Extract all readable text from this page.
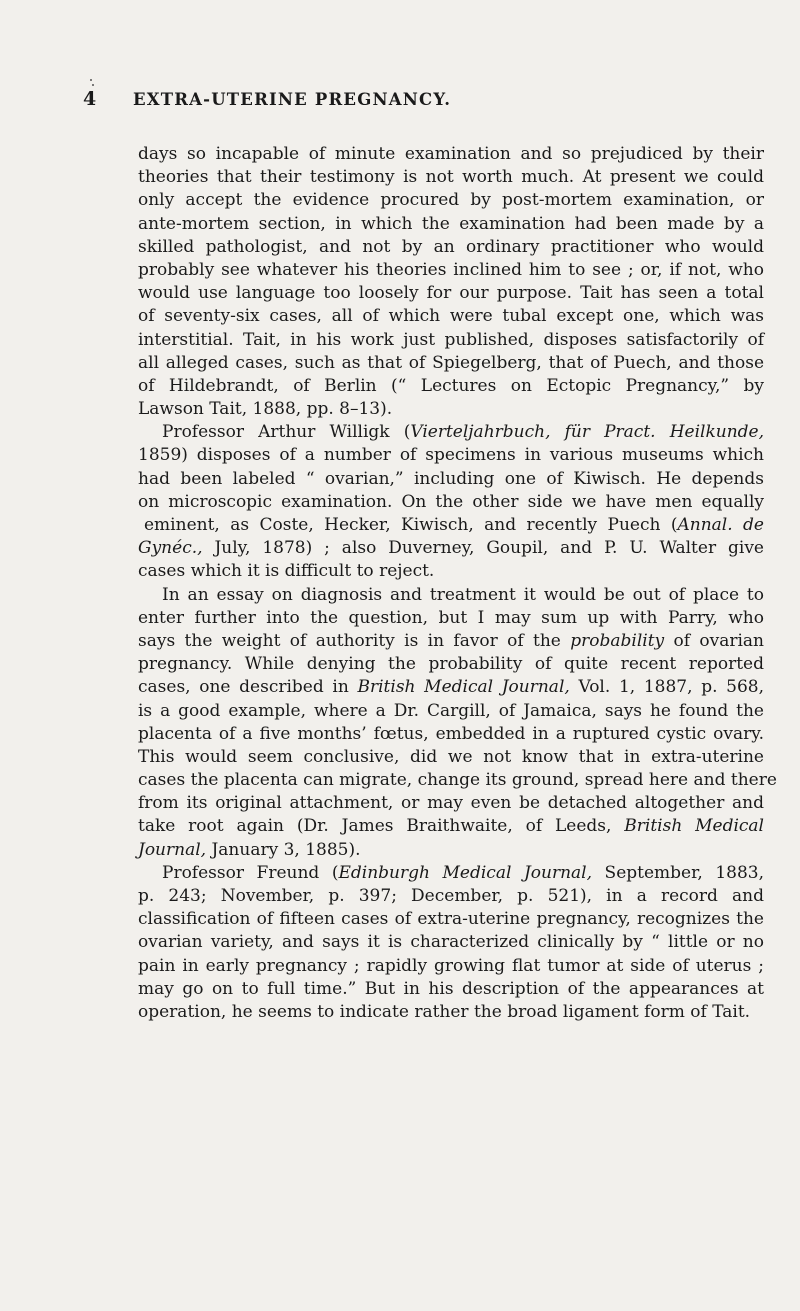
4 EXTRA-UTERINE PREGNANCY.
days so incapable of minute examination and so prejudiced by their
theories that their testimony is not worth much. At present we could
only accept the evidence procured by post-mortem examination, or
ante-mortem section, in which the examination had been made by a
skilled pathologist, and not by an ordinary practitioner who would
probably see whatever his theories inclined him to see ; or, if not, who
would use language too loosely for our purpose. Tait has seen a total
of seventy-six cases, all of which were tubal except one, which was
interstitial. Tait, in his work just published, disposes satisfactorily of
all alleged cases, such as that of Spiegelberg, that of Puech, and those
of Hildebrandt, of Berlin (“ Lectures on Ectopic Pregnancy,” by
Lawson Tait, 1888, pp. 8–13).
Professor Arthur Willigk (Vierteljahrbuch, für Pract. Heilkunde,
1859) disposes of a number of specimens in various museums which
had been labeled “ ovarian,” including one of Kiwisch. He depends
on microscopic examination. On the other side we have men equally
eminent, as Coste, Hecker, Kiwisch, and recently Puech (Annal. de
Gynéc., July, 1878) ; also Duverney, Goupil, and P. U. Walter give
cases which it is difficult to reject.
In an essay on diagnosis and treatment it would be out of place to
enter further into the question, but I may sum up with Parry, who
says the weight of authority is in favor of the probability of ovarian
pregnancy. While denying the probability of quite recent reported
cases, one described in British Medical Journal, Vol. 1, 1887, p. 568,
is a good example, where a Dr. Cargill, of Jamaica, says he found the
placenta of a five months’ fœtus, embedded in a ruptured cystic ovary.
This would seem conclusive, did we not know that in extra-uterine
cases the placenta can migrate, change its ground, spread here and there
from its original attachment, or may even be detached altogether and
take root again (Dr. James Braithwaite, of Leeds, British Medical
Journal, January 3, 1885).
Professor Freund (Edinburgh Medical Journal, September, 1883,
p. 243; November, p. 397; December, p. 521), in a record and
classification of fifteen cases of extra-uterine pregnancy, recognizes the
ovarian variety, and says it is characterized clinically by “ little or no
pain in early pregnancy ; rapidly growing flat tumor at side of uterus ;
may go on to full time.” But in his description of the appearances at
operation, he seems to indicate rather the broad ligament form of Tait.
